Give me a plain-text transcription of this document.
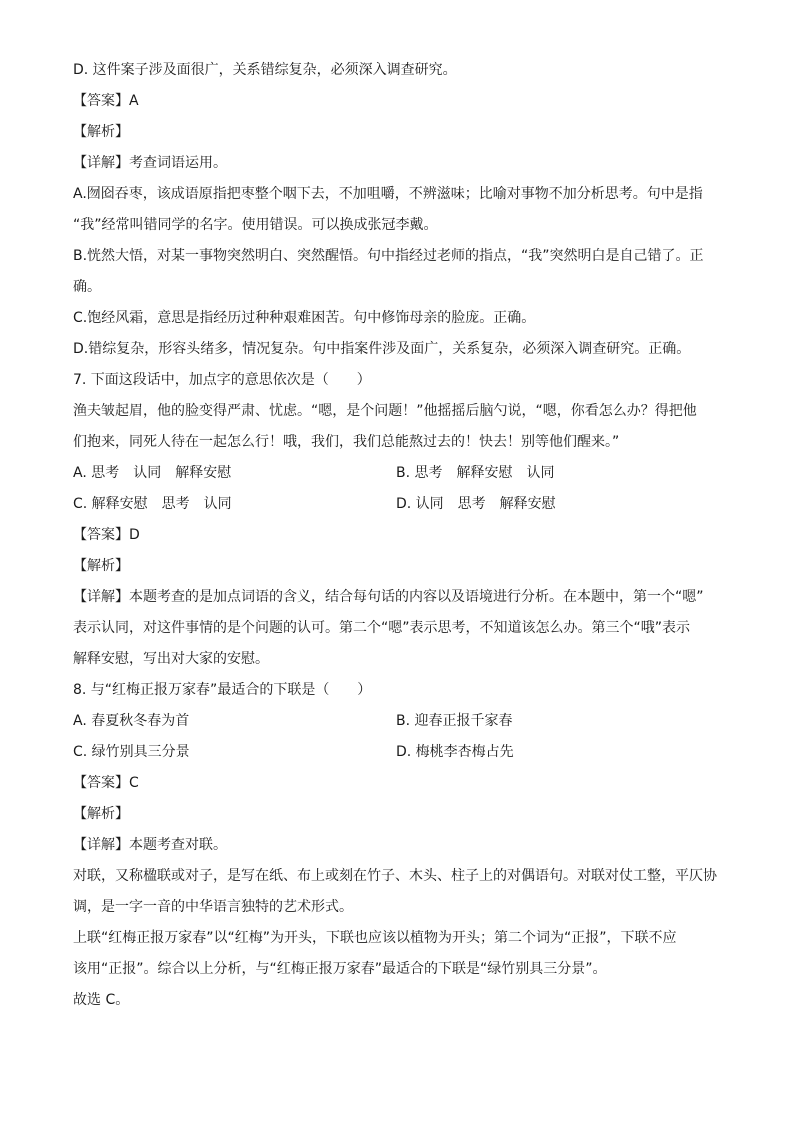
D. 这件案子涉及面很广，关系错综复杂，必须深入调查研究。
【答案】A
【解析】
【详解】考查词语运用。
A.囫囵吞枣，该成语原指把枣整个咽下去，不加咀嚼，不辨滋味；比喻对事物不加分析思考。句中是指
“我”经常叫错同学的名字。使用错误。可以换成张冠李戴。
B.恍然大悟，对某一事物突然明白、突然醒悟。句中指经过老师的指点，“我”突然明白是自己错了。正
确。
C.饱经风霜，意思是指经历过种种艰难困苦。句中修饰母亲的脸庞。正确。
D.错综复杂，形容头绪多，情况复杂。句中指案件涉及面广，关系复杂，必须深入调查研究。正确。
7. 下面这段话中，加点字的意思依次是（　　）
渔夫皱起眉，他的脸变得严肃、忧虑。“嗯，是个问题！”他摇摇后脑勺说，“嗯，你看怎么办？得把他
们抱来，同死人待在一起怎么行！哦，我们，我们总能熬过去的！快去！别等他们醒来。”
A. 思考　认同　解释安慰	B. 思考　解释安慰　认同
C. 解释安慰　思考　认同	D. 认同　思考　解释安慰
【答案】D
【解析】
【详解】本题考查的是加点词语的含义，结合每句话的内容以及语境进行分析。在本题中，第一个“嗯”
表示认同，对这件事情的是个问题的认可。第二个“嗯”表示思考，不知道该怎么办。第三个“哦”表示
解释安慰，写出对大家的安慰。
8. 与“红梅正报万家春”最适合的下联是（　　）
A. 春夏秋冬春为首	B. 迎春正报千家春
C. 绿竹别具三分景	D. 梅桃李杏梅占先
【答案】C
【解析】
【详解】本题考查对联。
对联，又称楹联或对子，是写在纸、布上或刻在竹子、木头、柱子上的对偶语句。对联对仗工整，平仄协
调，是一字一音的中华语言独特的艺术形式。
上联“红梅正报万家春”以“红梅”为开头，下联也应该以植物为开头；第二个词为“正报”，下联不应
该用“正报”。综合以上分析，与“红梅正报万家春”最适合的下联是“绿竹别具三分景”。
故选 C。
